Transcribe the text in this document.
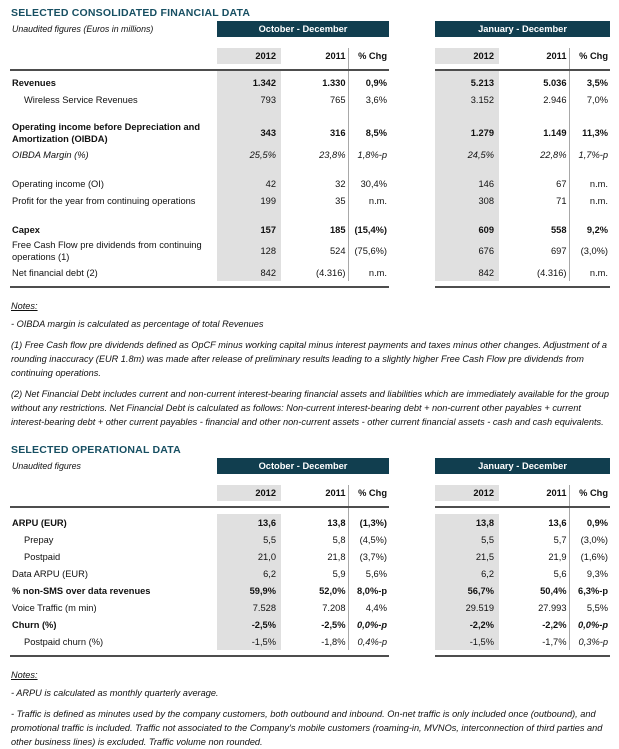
SELECTED CONSOLIDATED FINANCIAL DATA
Unaudited figures (Euros in millions)	October - December				January - December		

	2012	2011	% Chg		2012	2011	% Chg

Revenues	1.342	1.330	0,9%		5.213	5.036	3,5%
Wireless Service Revenues	793	765	3,6%		3.152	2.946	7,0%

Operating income before Depreciation and Amortization (OIBDA)	343	316	8,5%		1.279	1.149	11,3%
OIBDA Margin (%)	25,5%	23,8%	1,8%-p		24,5%	22,8%	1,7%-p

Operating income (OI)	42	32	30,4%		146	67	n.m.
Profit for the year from continuing operations	199	35	n.m.		308	71	n.m.

Capex	157	185	(15,4%)		609	558	9,2%
Free Cash Flow pre dividends from continuing operations (1)	128	524	(75,6%)		676	697	(3,0%)
Net financial debt (2)	842	(4.316)	n.m.		842	(4.316)	n.m.

Notes:

- OIBDA margin is calculated as percentage of total Revenues

(1) Free Cash flow pre dividends defined as OpCF minus working capital minus interest payments and taxes minus other changes. Adjustment of a rounding inaccuracy (EUR 1.8m) was made after release of preliminary results leading to a slightly higher Free Cash Flow pre dividends from continuing operations.

(2) Net Financial Debt includes current and non-current interest-bearing financial assets and liabilities which are immediately available for the group without any restrictions. Net Financial Debt is calculated as follows: Non-current interest-bearing debt + non-current other payables + current interest-bearing debt + other current payables - financial and other non-current assets - other current financial assets - cash and cash equivalents.

SELECTED OPERATIONAL DATA
Unaudited figures	October - December				January - December		

	2012	2011	% Chg		2012	2011	% Chg

ARPU (EUR)	13,6	13,8	(1,3%)		13,8	13,6	0,9%
Prepay	5,5	5,8	(4,5%)		5,5	5,7	(3,0%)
Postpaid	21,0	21,8	(3,7%)		21,5	21,9	(1,6%)
Data ARPU (EUR)	6,2	5,9	5,6%		6,2	5,6	9,3%
% non-SMS over data revenues	59,9%	52,0%	8,0%-p		56,7%	50,4%	6,3%-p
Voice Traffic (m min)	7.528	7.208	4,4%		29.519	27.993	5,5%
Churn (%)	-2,5%	-2,5%	0,0%-p		-2,2%	-2,2%	0,0%-p
Postpaid churn (%)	-1,5%	-1,8%	0,4%-p		-1,5%	-1,7%	0,3%-p

Notes:

- ARPU is calculated as monthly quarterly average.

- Traffic is defined as minutes used by the company customers, both outbound and inbound. On-net traffic is only included once (outbound), and promotional traffic is included. Traffic not associated to the Company's mobile customers (roaming-in, MVNOs, interconnection of third parties and other business lines) is excluded. Traffic volume non rounded.
